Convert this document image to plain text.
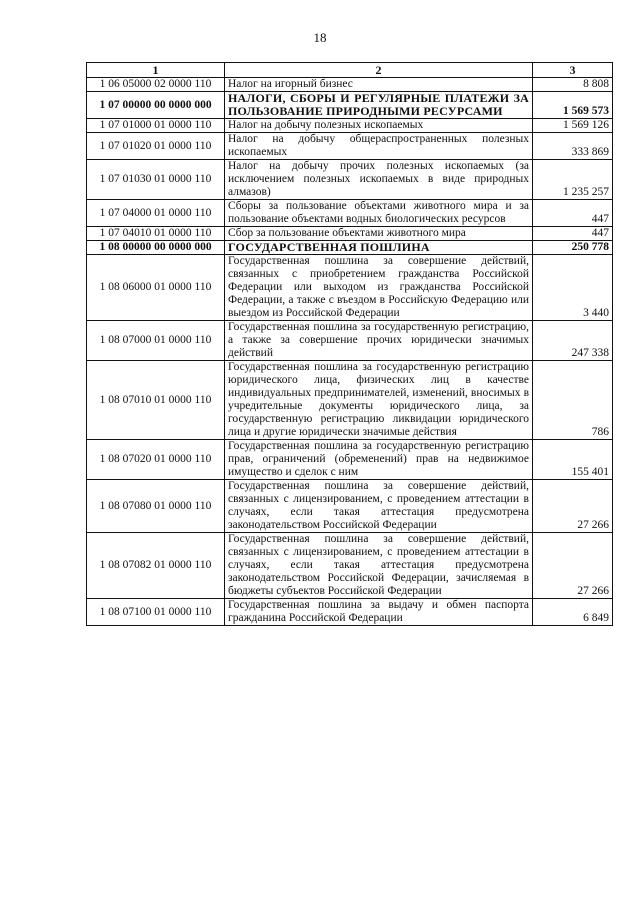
18
1	2	3
1 06 05000 02 0000 110	Налог на игорный бизнес	8 808
1 07 00000 00 0000 000	НАЛОГИ, СБОРЫ И РЕГУЛЯРНЫЕ ПЛАТЕЖИ ЗА ПОЛЬЗОВАНИЕ ПРИРОДНЫМИ РЕСУРСАМИ	1 569 573
1 07 01000 01 0000 110	Налог на добычу полезных ископаемых	1 569 126
1 07 01020 01 0000 110	Налог на добычу общераспространенных полезных ископаемых	333 869
1 07 01030 01 0000 110	Налог на добычу прочих полезных ископаемых (за исключением полезных ископаемых в виде природных алмазов)	1 235 257
1 07 04000 01 0000 110	Сборы за пользование объектами животного мира и за пользование объектами водных биологических ресурсов	447
1 07 04010 01 0000 110	Сбор за пользование объектами животного мира	447
1 08 00000 00 0000 000	ГОСУДАРСТВЕННАЯ ПОШЛИНА	250 778
1 08 06000 01 0000 110	Государственная пошлина за совершение действий, связанных с приобретением гражданства Российской Федерации или выходом из гражданства Российской Федерации, а также с въездом в Российскую Федерацию или выездом из Российской Федерации	3 440
1 08 07000 01 0000 110	Государственная пошлина за государственную регистрацию, а также за совершение прочих юридически значимых действий	247 338
1 08 07010 01 0000 110	Государственная пошлина за государственную регистрацию юридического лица, физических лиц в качестве индивидуальных предпринимателей, изменений, вносимых в учредительные документы юридического лица, за государственную регистрацию ликвидации юридического лица и другие юридически значимые действия	786
1 08 07020 01 0000 110	Государственная пошлина за государственную регистрацию прав, ограничений (обременений) прав на недвижимое имущество и сделок с ним	155 401
1 08 07080 01 0000 110	Государственная пошлина за совершение действий, связанных с лицензированием, с проведением аттестации в случаях, если такая аттестация предусмотрена законодательством Российской Федерации	27 266
1 08 07082 01 0000 110	Государственная пошлина за совершение действий, связанных с лицензированием, с проведением аттестации в случаях, если такая аттестация предусмотрена законодательством Российской Федерации, зачисляемая в бюджеты субъектов Российской Федерации	27 266
1 08 07100 01 0000 110	Государственная пошлина за выдачу и обмен паспорта гражданина Российской Федерации	6 849
